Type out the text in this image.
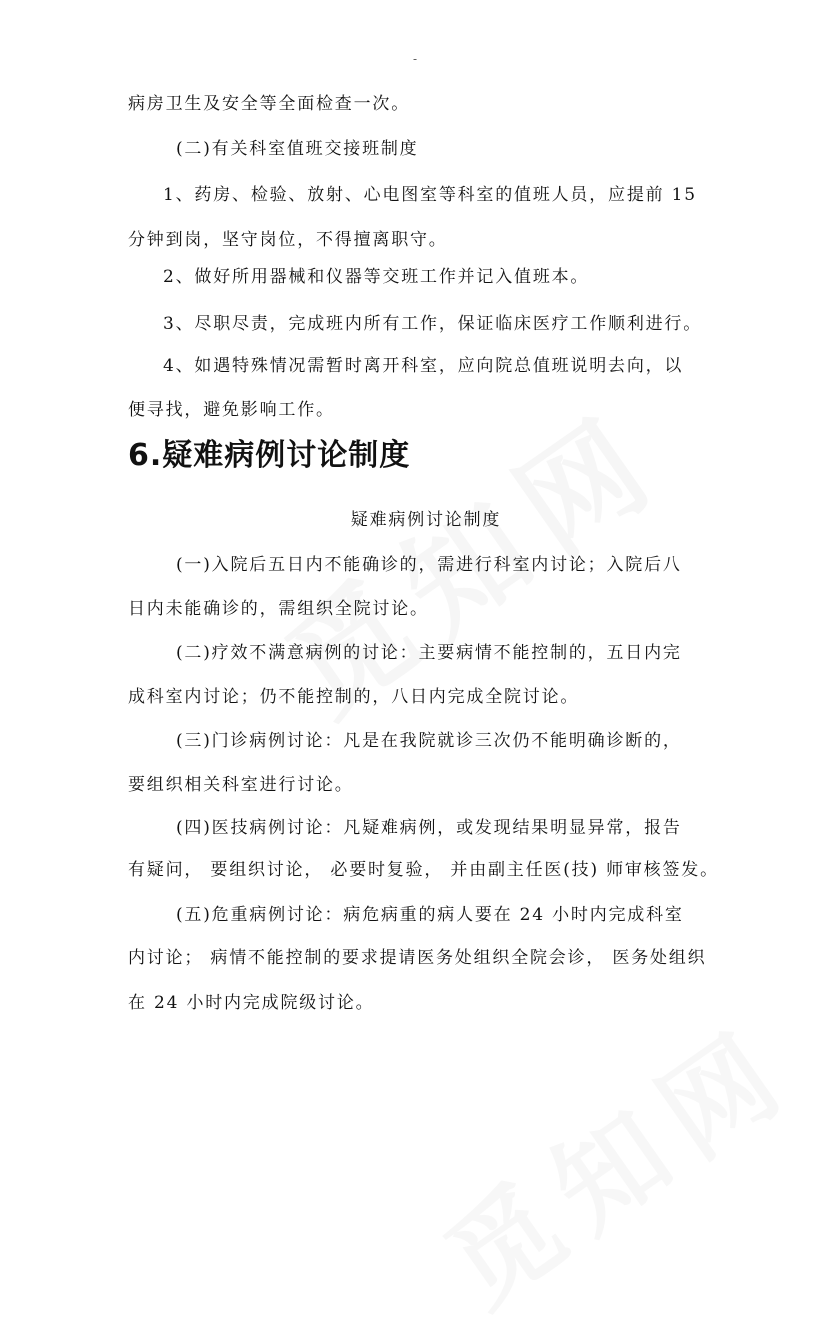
-
病房卫生及安全等全面检查一次。
(二)有关科室值班交接班制度
1、药房、检验、放射、心电图室等科室的值班人员，应提前 15
分钟到岗，坚守岗位，不得擅离职守。
2、做好所用器械和仪器等交班工作并记入值班本。
3、尽职尽责，完成班内所有工作，保证临床医疗工作顺利进行。
4、如遇特殊情况需暂时离开科室，应向院总值班说明去向，以
便寻找，避免影响工作。
6.疑难病例讨论制度
疑难病例讨论制度
(一)入院后五日内不能确诊的，需进行科室内讨论；入院后八
日内未能确诊的，需组织全院讨论。
(二)疗效不满意病例的讨论：主要病情不能控制的，五日内完
成科室内讨论；仍不能控制的，八日内完成全院讨论。
(三)门诊病例讨论：凡是在我院就诊三次仍不能明确诊断的，
要组织相关科室进行讨论。
(四)医技病例讨论：凡疑难病例，或发现结果明显异常，报告
有疑问， 要组织讨论， 必要时复验， 并由副主任医(技) 师审核签发。
(五)危重病例讨论：病危病重的病人要在 24 小时内完成科室
内讨论； 病情不能控制的要求提请医务处组织全院会诊， 医务处组织
在 24 小时内完成院级讨论。
